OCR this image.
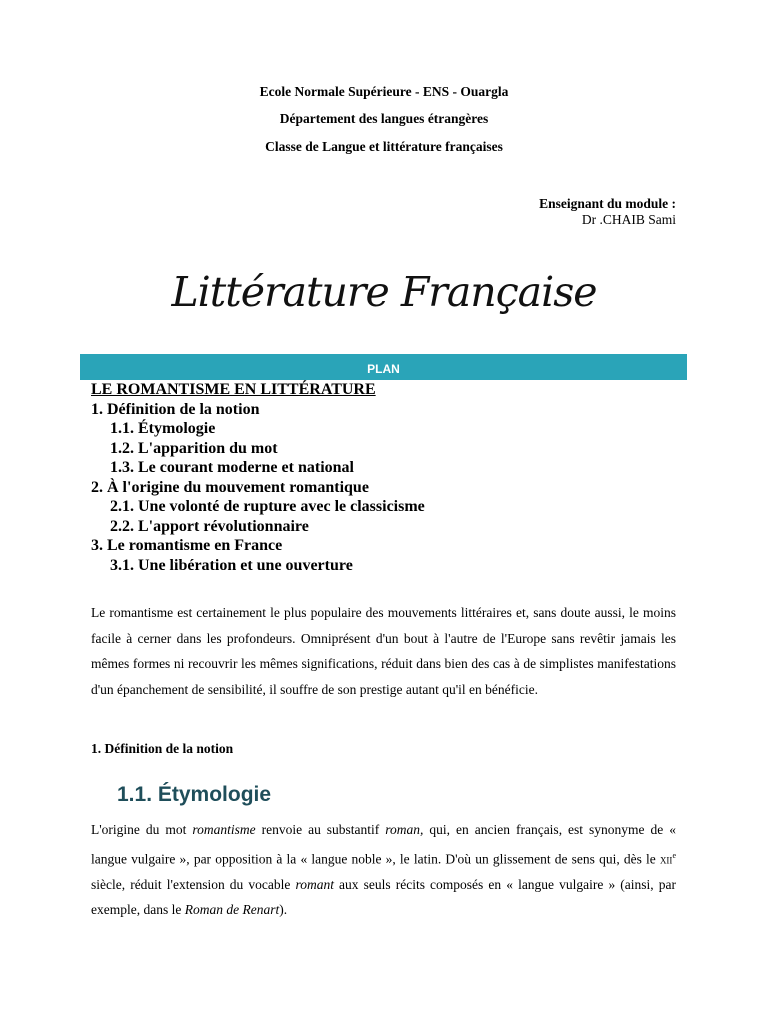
Ecole Normale Supérieure - ENS - Ouargla
Département des langues étrangères
Classe de Langue et littérature françaises
Enseignant du module :
Dr .CHAIB Sami
Littérature Française
PLAN
LE ROMANTISME EN LITTÉRATURE
1. Définition de la notion
1.1. Étymologie
1.2. L'apparition du mot
1.3. Le courant moderne et national
2. À l'origine du mouvement romantique
2.1. Une volonté de rupture avec le classicisme
2.2. L'apport révolutionnaire
3. Le romantisme en France
3.1. Une libération et une ouverture
Le romantisme est certainement le plus populaire des mouvements littéraires et, sans doute aussi, le moins facile à cerner dans les profondeurs. Omniprésent d'un bout à l'autre de l'Europe sans revêtir jamais les mêmes formes ni recouvrir les mêmes significations, réduit dans bien des cas à de simplistes manifestations d'un épanchement de sensibilité, il souffre de son prestige autant qu'il en bénéficie.
1. Définition de la notion
1.1. Étymologie
L'origine du mot romantisme renvoie au substantif roman, qui, en ancien français, est synonyme de « langue vulgaire », par opposition à la « langue noble », le latin. D'où un glissement de sens qui, dès le xii$^e$ siècle, réduit l'extension du vocable romant aux seuls récits composés en « langue vulgaire » (ainsi, par exemple, dans le Roman de Renart).
